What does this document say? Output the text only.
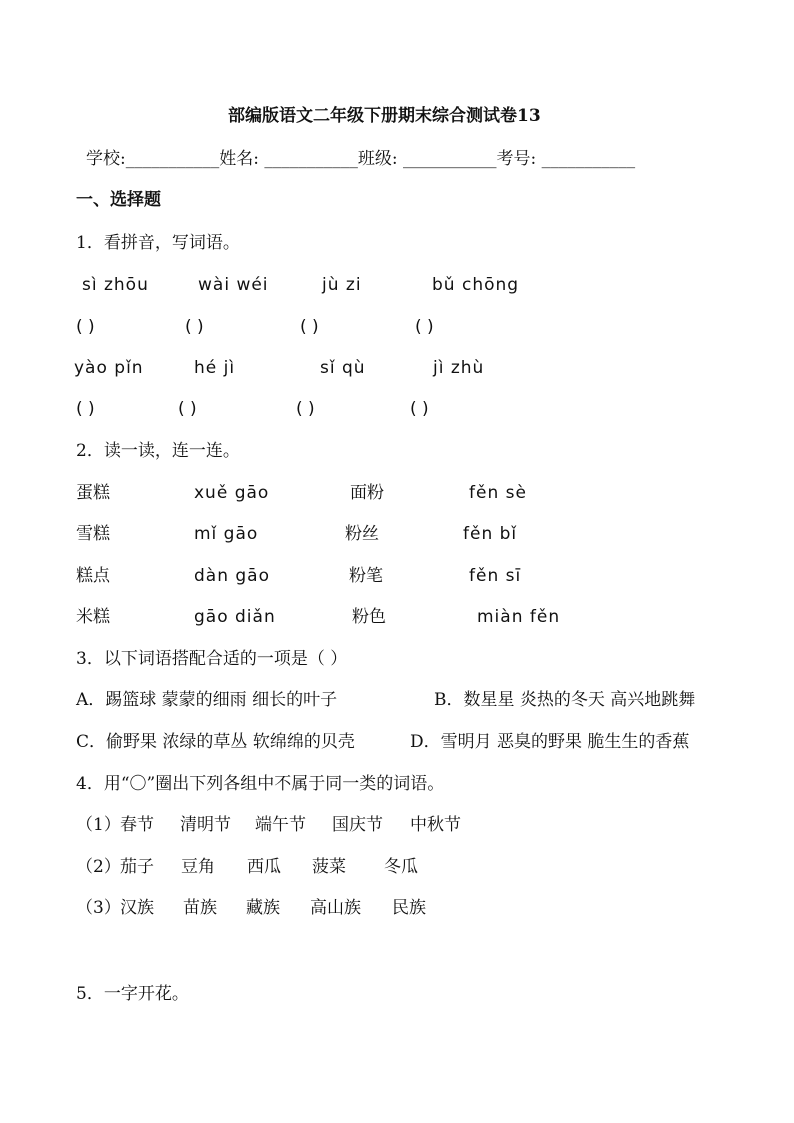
部编版语文二年级下册期末综合测试卷13
学校:___________姓名: ___________班级: ___________考号: ___________
一、选择题
1．看拼音，写词语。
sì zhōu	wài wéi	jù zi	bǔ chōng
( )	( )	( )	( )
yào pǐn	hé jì	sǐ qù	jì zhù
( )	( )	( )	( )
2．读一读，连一连。
蛋糕	xuě gāo	面粉	fěn sè
雪糕	mǐ gāo	粉丝	fěn bǐ
糕点	dàn gāo	粉笔	fěn sī
米糕	gāo diǎn	粉色	miàn fěn
3．以下词语搭配合适的一项是（ ）
A．踢篮球 蒙蒙的细雨 细长的叶子	B．数星星 炎热的冬天 高兴地跳舞
C．偷野果 浓绿的草丛 软绵绵的贝壳	D．雪明月 恶臭的野果 脆生生的香蕉
4．用“〇”圈出下列各组中不属于同一类的词语。
（1） 春节 清明节 端午节 国庆节 中秋节
（2） 茄子 豆角 西瓜 菠菜 冬瓜
（3） 汉族 苗族 藏族 高山族 民族
5．一字开花。
